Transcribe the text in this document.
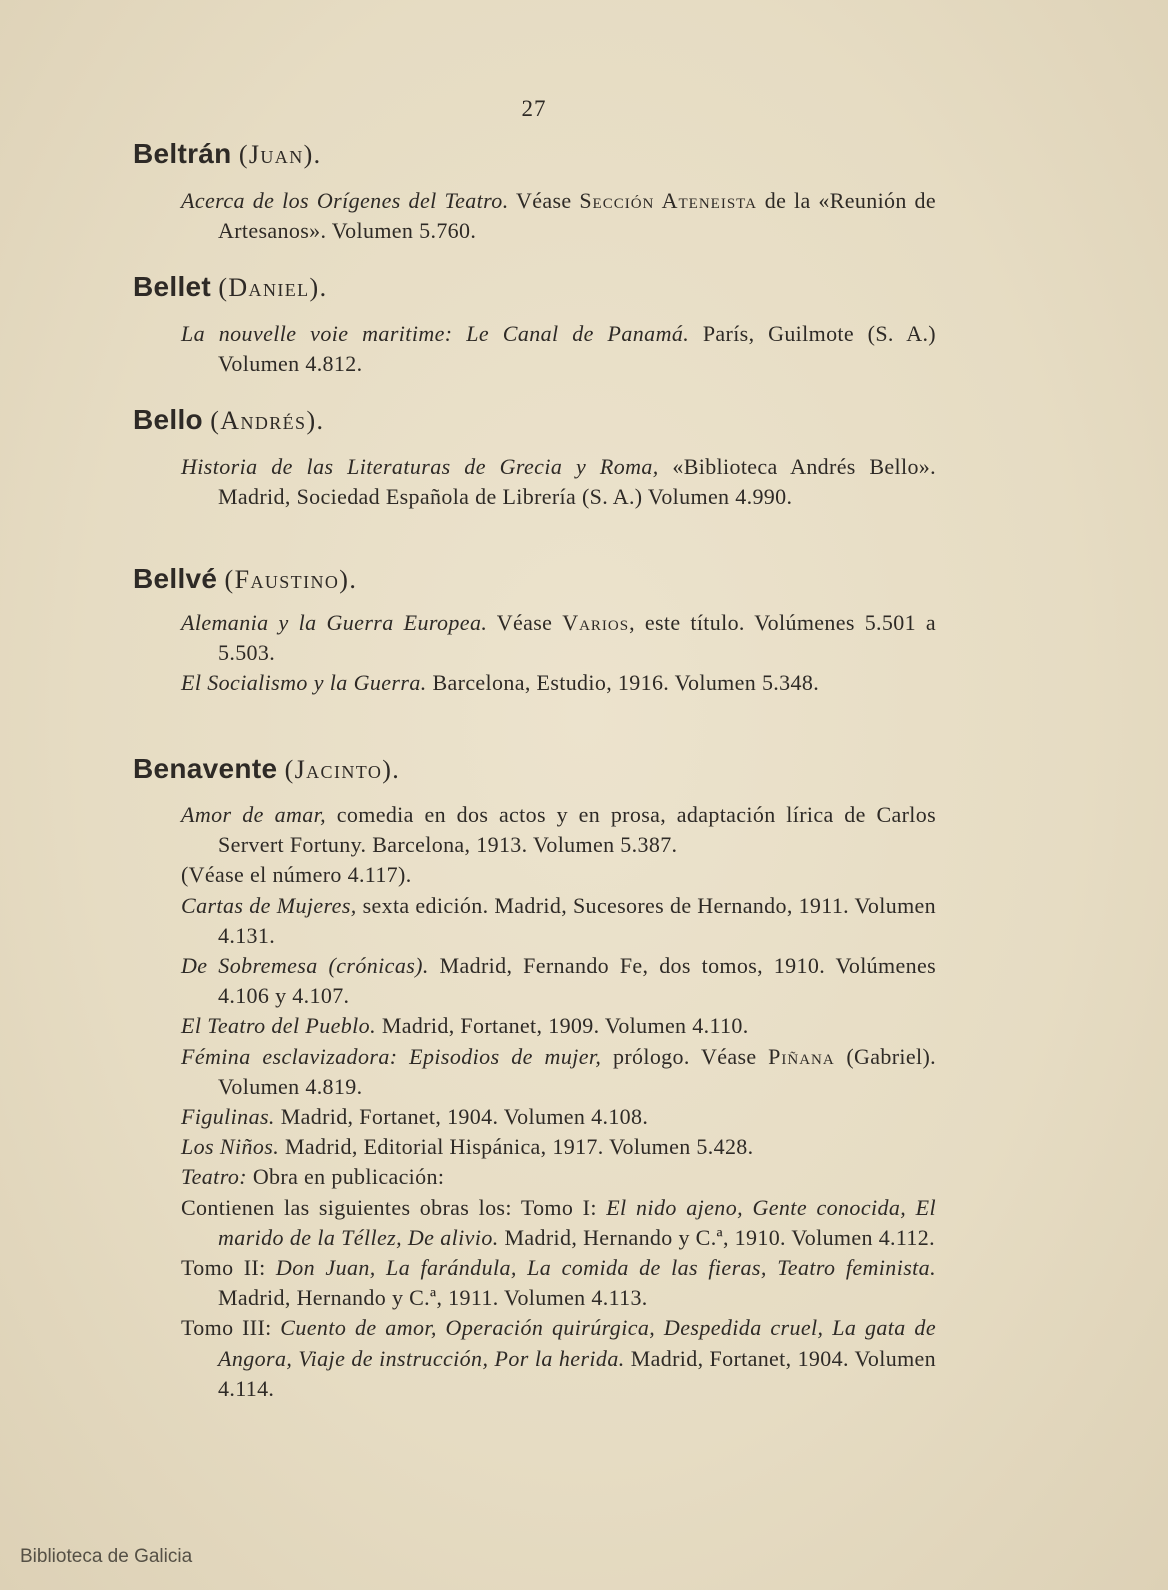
27
Beltrán (Juan).
Acerca de los Orígenes del Teatro. Véase Sección Ateneista de la «Reunión de Artesanos». Volumen 5.760.
Bellet (Daniel).
La nouvelle voie maritime: Le Canal de Panamá. París, Guilmote (S. A.) Volumen 4.812.
Bello (Andrés).
Historia de las Literaturas de Grecia y Roma, «Biblioteca Andrés Bello». Madrid, Sociedad Española de Librería (S. A.) Volumen 4.990.
Bellvé (Faustino).
Alemania y la Guerra Europea. Véase Varios, este título. Volúmenes 5.501 a 5.503.
El Socialismo y la Guerra. Barcelona, Estudio, 1916. Volumen 5.348.
Benavente (Jacinto).
Amor de amar, comedia en dos actos y en prosa, adaptación lírica de Carlos Servert Fortuny. Barcelona, 1913. Volumen 5.387.
(Véase el número 4.117).
Cartas de Mujeres, sexta edición. Madrid, Sucesores de Hernando, 1911. Volumen 4.131.
De Sobremesa (crónicas). Madrid, Fernando Fe, dos tomos, 1910. Volúmenes 4.106 y 4.107.
El Teatro del Pueblo. Madrid, Fortanet, 1909. Volumen 4.110.
Fémina esclavizadora: Episodios de mujer, prólogo. Véase Piñana (Gabriel). Volumen 4.819.
Figulinas. Madrid, Fortanet, 1904. Volumen 4.108.
Los Niños. Madrid, Editorial Hispánica, 1917. Volumen 5.428.
Teatro: Obra en publicación:
Contienen las siguientes obras los: Tomo I: El nido ajeno, Gente conocida, El marido de la Téllez, De alivio. Madrid, Hernando y C.ª, 1910. Volumen 4.112.
Tomo II: Don Juan, La farándula, La comida de las fieras, Teatro feminista. Madrid, Hernando y C.ª, 1911. Volumen 4.113.
Tomo III: Cuento de amor, Operación quirúrgica, Despedida cruel, La gata de Angora, Viaje de instrucción, Por la herida. Madrid, Fortanet, 1904. Volumen 4.114.
Biblioteca de Galicia
